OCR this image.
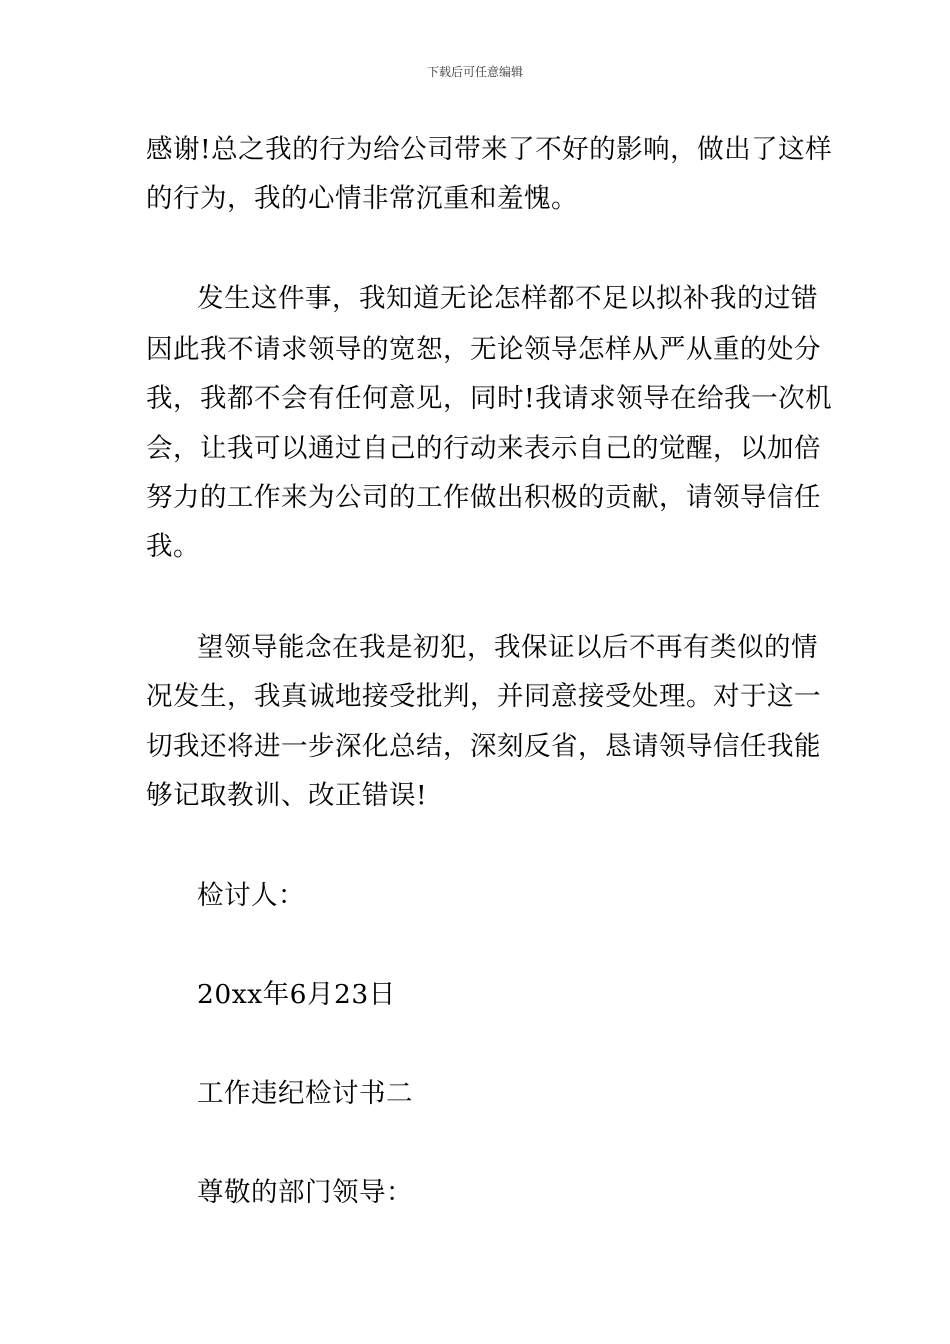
下载后可任意编辑
感谢!总之我的行为给公司带来了不好的影响，做出了这样
的行为，我的心情非常沉重和羞愧。
发生这件事，我知道无论怎样都不足以拟补我的过错
因此我不请求领导的宽恕，无论领导怎样从严从重的处分
我，我都不会有任何意见，同时!我请求领导在给我一次机
会，让我可以通过自己的行动来表示自己的觉醒，以加倍
努力的工作来为公司的工作做出积极的贡献，请领导信任
我。
望领导能念在我是初犯，我保证以后不再有类似的情
况发生，我真诚地接受批判，并同意接受处理。对于这一
切我还将进一步深化总结，深刻反省，恳请领导信任我能
够记取教训、改正错误!
检讨人：
20xx年6月23日
工作违纪检讨书二
尊敬的部门领导：
